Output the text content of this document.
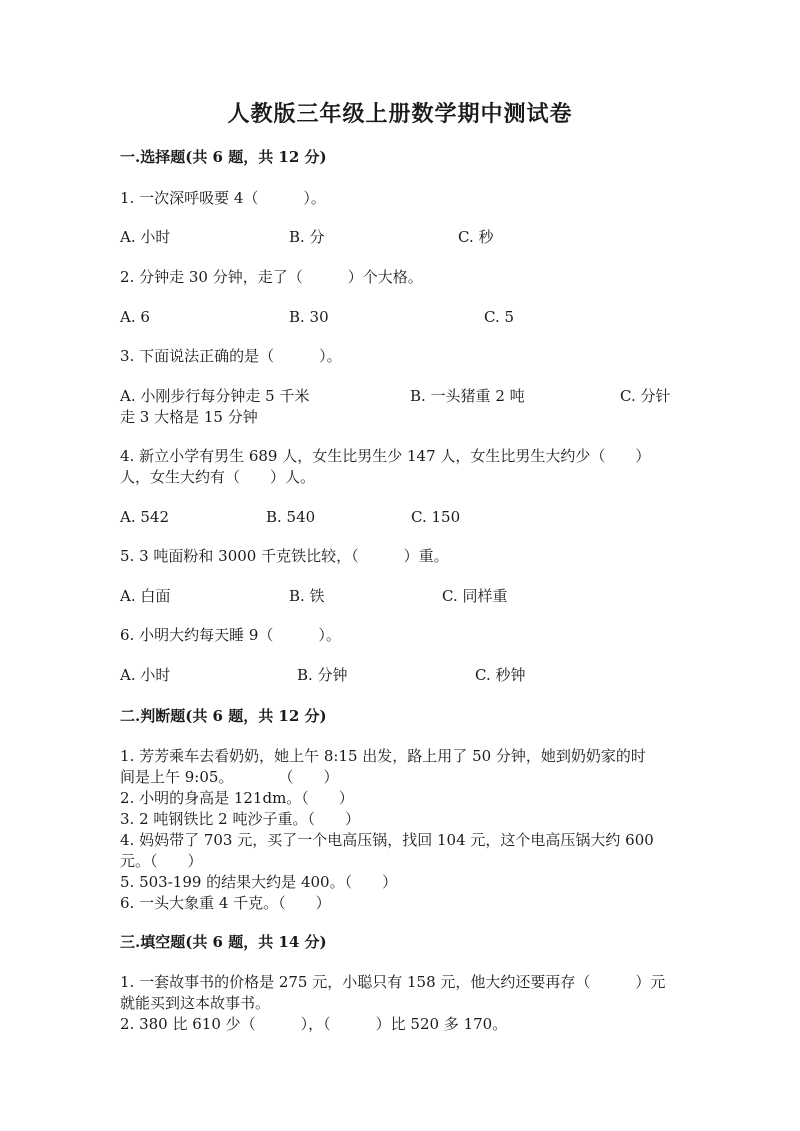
人教版三年级上册数学期中测试卷
一.选择题(共 6 题，共 12 分)
1. 一次深呼吸要 4（　　　）。
A. 小时	B. 分	C. 秒
2. 分钟走 30 分钟，走了（　　　）个大格。
A. 6	B. 30	C. 5
3. 下面说法正确的是（　　　）。
A. 小刚步行每分钟走 5 千米	B. 一头猪重 2 吨	C. 分针
走 3 大格是 15 分钟
4. 新立小学有男生 689 人，女生比男生少 147 人，女生比男生大约少（　　）
人，女生大约有（　　）人。
A. 542	B. 540	C. 150
5. 3 吨面粉和 3000 千克铁比较，（　　　）重。
A. 白面	B. 铁	C. 同样重
6. 小明大约每天睡 9（　　　）。
A. 小时	B. 分钟	C. 秒钟
二.判断题(共 6 题，共 12 分)
1. 芳芳乘车去看奶奶，她上午 8:15 出发，路上用了 50 分钟，她到奶奶家的时
间是上午 9:05。　　　　（　　）
2. 小明的身高是 121dm。（　　）
3. 2 吨钢铁比 2 吨沙子重。（　　）
4. 妈妈带了 703 元，买了一个电高压锅，找回 104 元，这个电高压锅大约 600
元。（　　）
5. 503-199 的结果大约是 400。（　　）
6. 一头大象重 4 千克。（　　）
三.填空题(共 6 题，共 14 分)
1. 一套故事书的价格是 275 元，小聪只有 158 元，他大约还要再存（　　　）元
就能买到这本故事书。
2. 380 比 610 少（　　　），（　　　）比 520 多 170。
